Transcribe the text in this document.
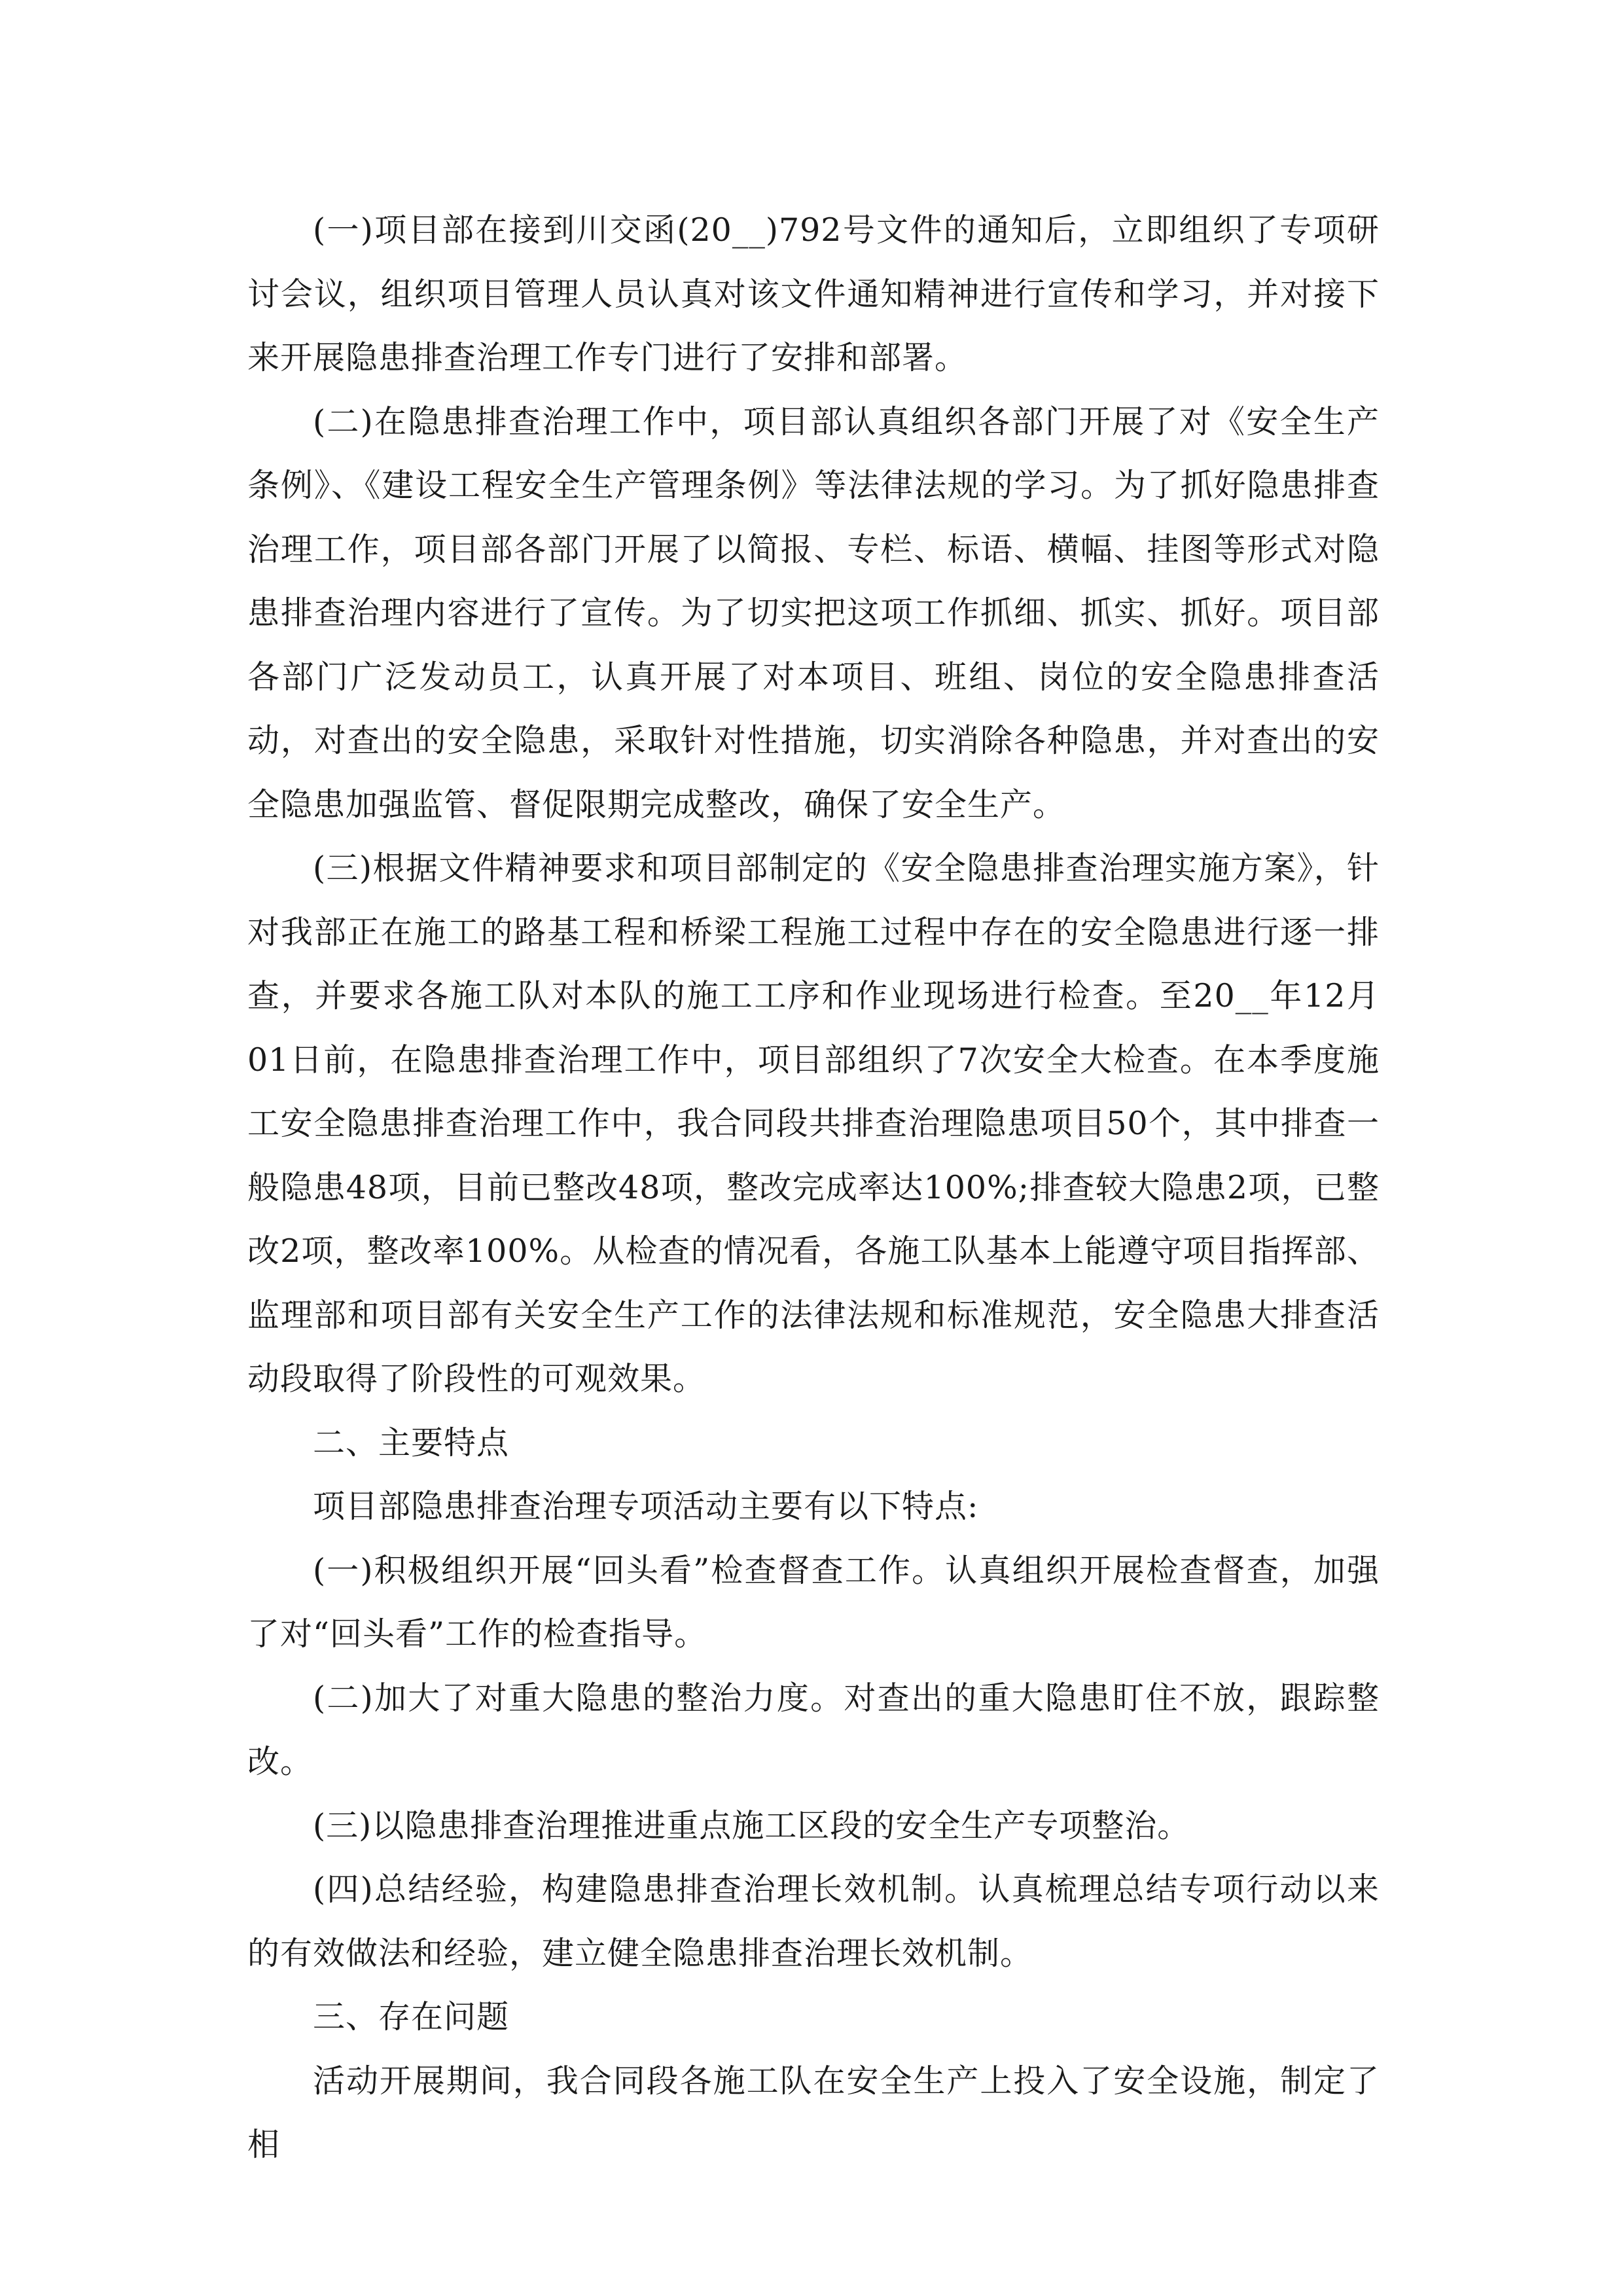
(一)项目部在接到川交函(20__)792号文件的通知后，立即组织了专项研讨会议，组织项目管理人员认真对该文件通知精神进行宣传和学习，并对接下来开展隐患排查治理工作专门进行了安排和部署。

(二)在隐患排查治理工作中，项目部认真组织各部门开展了对《安全生产条例》、《建设工程安全生产管理条例》等法律法规的学习。为了抓好隐患排查治理工作，项目部各部门开展了以简报、专栏、标语、横幅、挂图等形式对隐患排查治理内容进行了宣传。为了切实把这项工作抓细、抓实、抓好。项目部各部门广泛发动员工，认真开展了对本项目、班组、岗位的安全隐患排查活动，对查出的安全隐患，采取针对性措施，切实消除各种隐患，并对查出的安全隐患加强监管、督促限期完成整改，确保了安全生产。

(三)根据文件精神要求和项目部制定的《安全隐患排查治理实施方案》，针对我部正在施工的路基工程和桥梁工程施工过程中存在的安全隐患进行逐一排查，并要求各施工队对本队的施工工序和作业现场进行检查。至20__年12月01日前，在隐患排查治理工作中，项目部组织了7次安全大检查。在本季度施工安全隐患排查治理工作中，我合同段共排查治理隐患项目50个，其中排查一般隐患48项，目前已整改48项，整改完成率达100%;排查较大隐患2项，已整改2项，整改率100%。从检查的情况看，各施工队基本上能遵守项目指挥部、监理部和项目部有关安全生产工作的法律法规和标准规范，安全隐患大排查活动段取得了阶段性的可观效果。

二、主要特点

项目部隐患排查治理专项活动主要有以下特点:

(一)积极组织开展“回头看”检查督查工作。认真组织开展检查督查，加强了对“回头看”工作的检查指导。

(二)加大了对重大隐患的整治力度。对查出的重大隐患盯住不放，跟踪整改。

(三)以隐患排查治理推进重点施工区段的安全生产专项整治。

(四)总结经验，构建隐患排查治理长效机制。认真梳理总结专项行动以来的有效做法和经验，建立健全隐患排查治理长效机制。

三、存在问题

活动开展期间，我合同段各施工队在安全生产上投入了安全设施，制定了相
